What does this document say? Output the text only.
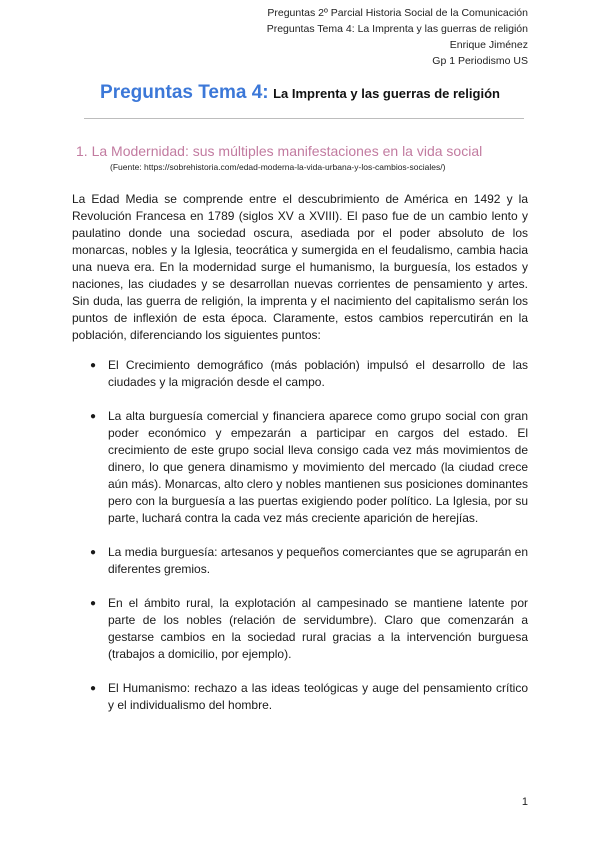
Preguntas 2º Parcial Historia Social de la Comunicación
Preguntas Tema 4: La Imprenta y las guerras de religión
Enrique Jiménez
Gp 1 Periodismo US
Preguntas Tema 4: La Imprenta y las guerras de religión
1. La Modernidad: sus múltiples manifestaciones en la vida social
(Fuente: https://sobrehistoria.com/edad-moderna-la-vida-urbana-y-los-cambios-sociales/)

La Edad Media se comprende entre el descubrimiento de América en 1492 y la Revolución Francesa en 1789 (siglos XV a XVIII). El paso fue de un cambio lento y paulatino donde una sociedad oscura, asediada por el poder absoluto de los monarcas, nobles y la Iglesia, teocrática y sumergida en el feudalismo, cambia hacia una nueva era. En la modernidad surge el humanismo, la burguesía, los estados y naciones, las ciudades y se desarrollan nuevas corrientes de pensamiento y artes. Sin duda, las guerra de religión, la imprenta y el nacimiento del capitalismo serán los puntos de inflexión de esta época. Claramente, estos cambios repercutirán en la población, diferenciando los siguientes puntos:

● El Crecimiento demográfico (más población) impulsó el desarrollo de las ciudades y la migración desde el campo.
● La alta burguesía comercial y financiera aparece como grupo social con gran poder económico y empezarán a participar en cargos del estado. El crecimiento de este grupo social lleva consigo cada vez más movimientos de dinero, lo que genera dinamismo y movimiento del mercado (la ciudad crece aún más). Monarcas, alto clero y nobles mantienen sus posiciones dominantes pero con la burguesía a las puertas exigiendo poder político. La Iglesia, por su parte, luchará contra la cada vez más creciente aparición de herejías.
● La media burguesía: artesanos y pequeños comerciantes que se agruparán en diferentes gremios.
● En el ámbito rural, la explotación al campesinado se mantiene latente por parte de los nobles (relación de servidumbre). Claro que comenzarán a gestarse cambios en la sociedad rural gracias a la intervención burguesa (trabajos a domicilio, por ejemplo).
● El Humanismo: rechazo a las ideas teológicas y auge del pensamiento crítico y el individualismo del hombre.
1
